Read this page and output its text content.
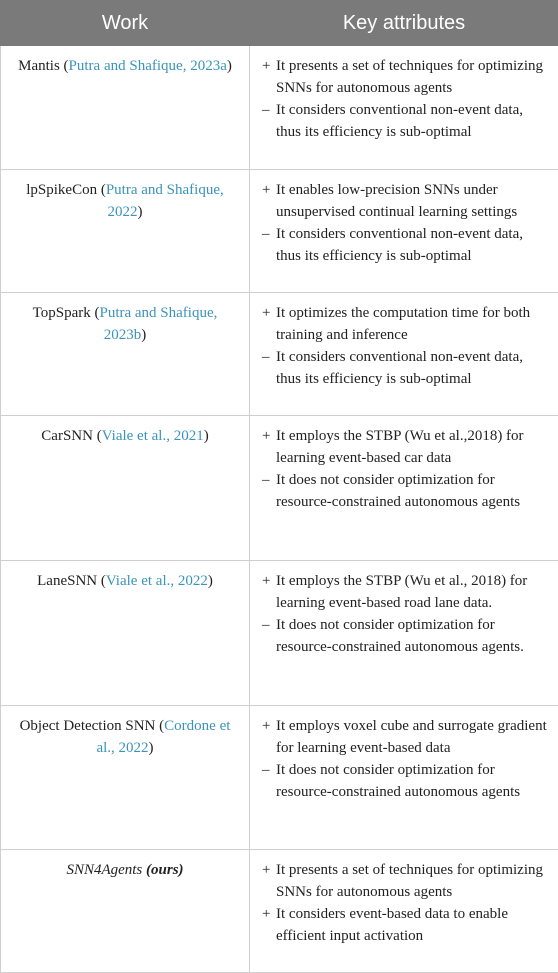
Work	Key attributes
Mantis (Putra and Shafique, 2023a)	+ It presents a set of techniques for optimizing SNNs for autonomous agents
– It considers conventional non-event data, thus its efficiency is sub-optimal

lpSpikeCon (Putra and Shafique, 2022)	+ It enables low-precision SNNs under unsupervised continual learning settings
– It considers conventional non-event data, thus its efficiency is sub-optimal

TopSpark (Putra and Shafique, 2023b)	+ It optimizes the computation time for both training and inference
– It considers conventional non-event data, thus its efficiency is sub-optimal

CarSNN (Viale et al., 2021)	+ It employs the STBP (Wu et al.,2018) for learning event-based car data
– It does not consider optimization for resource-constrained autonomous agents

LaneSNN (Viale et al., 2022)	+ It employs the STBP (Wu et al., 2018) for learning event-based road lane data.
– It does not consider optimization for resource-constrained autonomous agents.

Object Detection SNN (Cordone et al., 2022)	+ It employs voxel cube and surrogate gradient for learning event-based data
– It does not consider optimization for resource-constrained autonomous agents

SNN4Agents (ours)	+ It presents a set of techniques for optimizing SNNs for autonomous agents
+ It considers event-based data to enable efficient input activation
